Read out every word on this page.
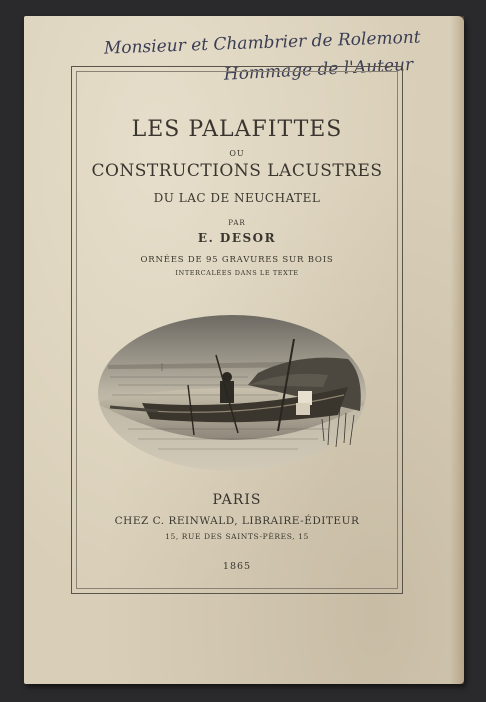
Monsieur et Chambrier de Rolemont
Hommage de l'Auteur
LES PALAFITTES
OU
CONSTRUCTIONS LACUSTRES
DU LAC DE NEUCHATEL
PAR
E. DESOR
ORNÉES DE 95 GRAVURES SUR BOIS
INTERCALÉES DANS LE TEXTE
PARIS
CHEZ C. REINWALD, LIBRAIRE-ÉDITEUR
15, RUE DES SAINTS-PÈRES, 15
1865
